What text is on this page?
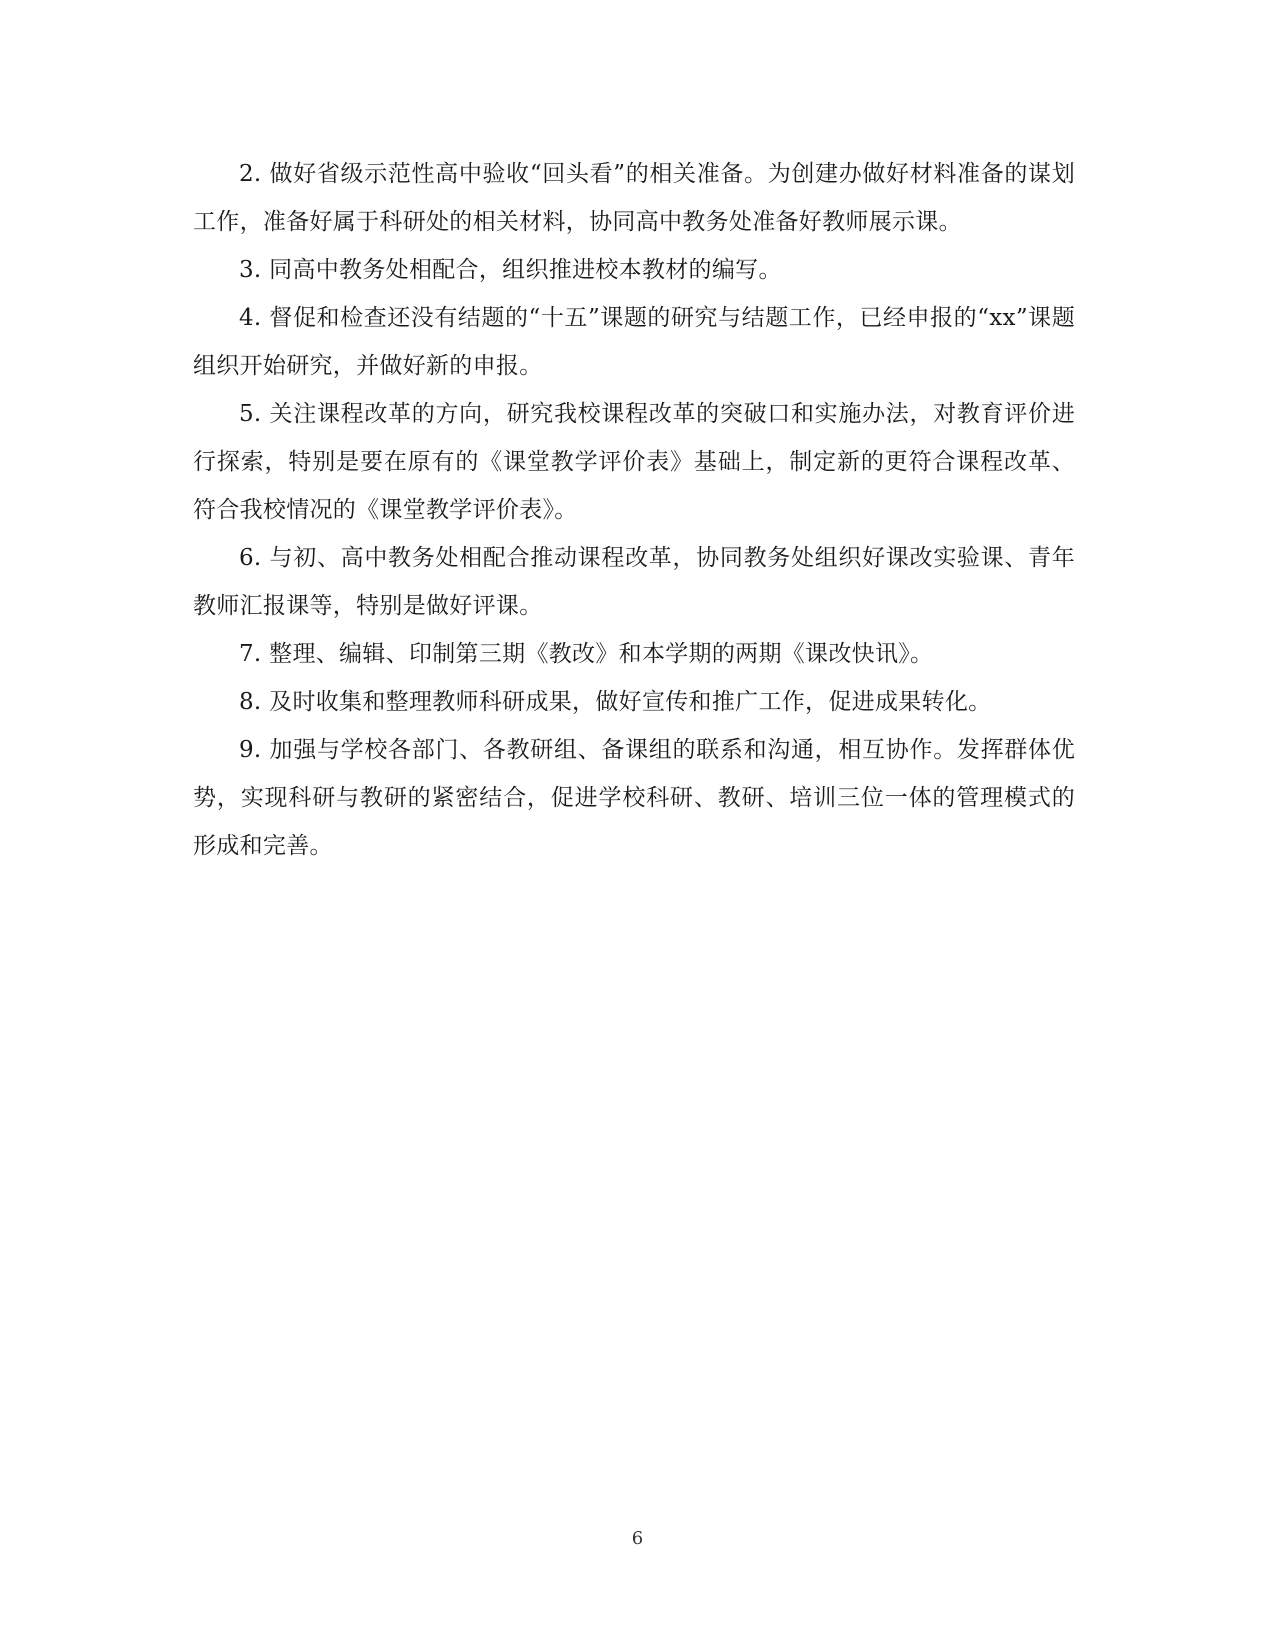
2. 做好省级示范性高中验收“回头看”的相关准备。为创建办做好材料准备的谋划工作，准备好属于科研处的相关材料，协同高中教务处准备好教师展示课。

3. 同高中教务处相配合，组织推进校本教材的编写。

4. 督促和检查还没有结题的“十五”课题的研究与结题工作，已经申报的“xx”课题组织开始研究，并做好新的申报。

5. 关注课程改革的方向，研究我校课程改革的突破口和实施办法，对教育评价进行探索，特别是要在原有的《课堂教学评价表》基础上，制定新的更符合课程改革、符合我校情况的《课堂教学评价表》。

6. 与初、高中教务处相配合推动课程改革，协同教务处组织好课改实验课、青年教师汇报课等，特别是做好评课。

7. 整理、编辑、印制第三期《教改》和本学期的两期《课改快讯》。

8. 及时收集和整理教师科研成果，做好宣传和推广工作，促进成果转化。

9. 加强与学校各部门、各教研组、备课组的联系和沟通，相互协作。发挥群体优势，实现科研与教研的紧密结合，促进学校科研、教研、培训三位一体的管理模式的形成和完善。

6
